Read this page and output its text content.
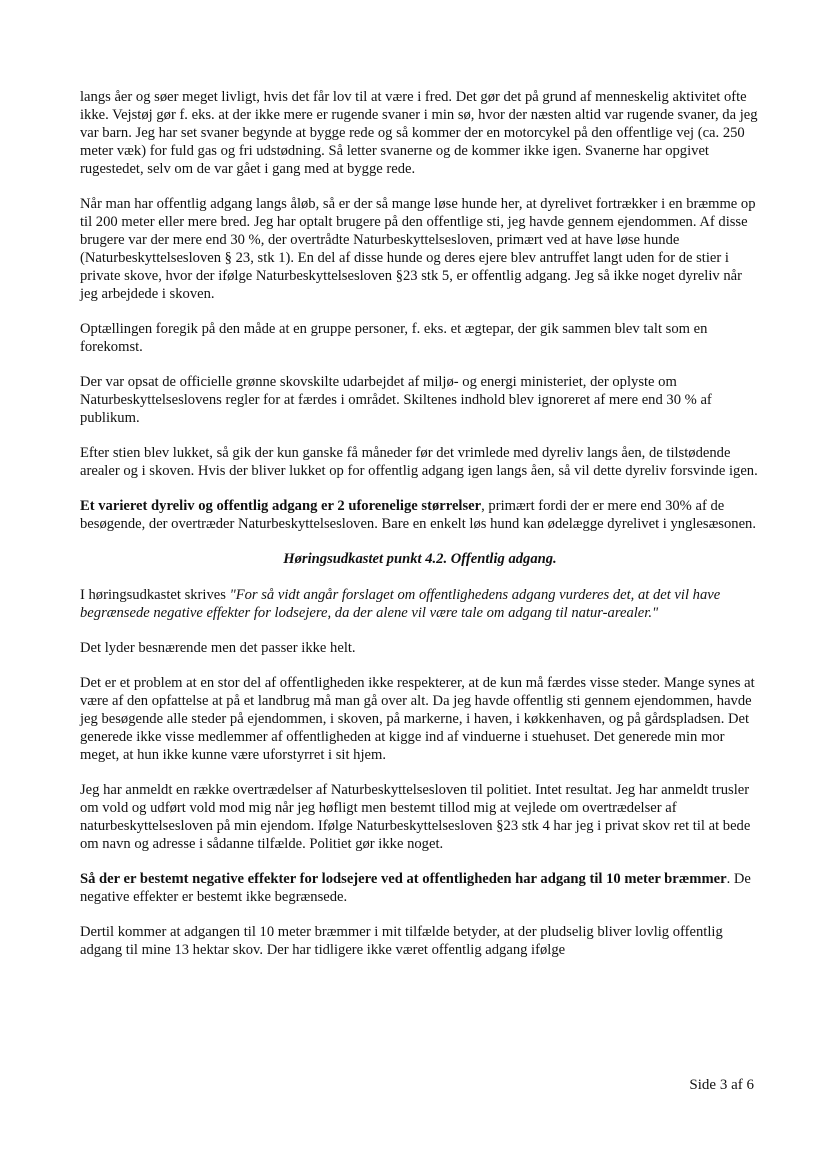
langs åer og søer meget livligt, hvis det får lov til at være i fred. Det gør det på grund af menneskelig aktivitet ofte ikke. Vejstøj gør f. eks. at der ikke mere er rugende svaner i min sø, hvor der næsten altid var rugende svaner, da jeg var barn. Jeg har set svaner begynde at bygge rede og så kommer der en motorcykel på den offentlige vej (ca. 250 meter væk) for fuld gas og fri udstødning. Så letter svanerne og de kommer ikke igen. Svanerne har opgivet rugestedet, selv om de var gået i gang med at bygge rede.

Når man har offentlig adgang langs åløb, så er der så mange løse hunde her, at dyrelivet fortrækker i en bræmme op til 200 meter eller mere bred. Jeg har optalt brugere på den offentlige sti, jeg havde gennem ejendommen. Af disse brugere var der mere end 30 %, der overtrådte Naturbeskyttelsesloven, primært ved at have løse hunde (Naturbeskyttelsesloven § 23, stk 1). En del af disse hunde og deres ejere blev antruffet langt uden for de stier i private skove, hvor der ifølge Naturbeskyttelsesloven §23 stk 5, er offentlig adgang. Jeg så ikke noget dyreliv når jeg arbejdede i skoven.

Optællingen foregik på den måde at en gruppe personer, f. eks. et ægtepar, der gik sammen blev talt som en forekomst.

Der var opsat de officielle grønne skovskilte udarbejdet af miljø- og energi ministeriet, der oplyste om Naturbeskyttelseslovens regler for at færdes i området. Skiltenes indhold blev ignoreret af mere end 30 % af publikum.

Efter stien blev lukket, så gik der kun ganske få måneder før det vrimlede med dyreliv langs åen, de tilstødende arealer og i skoven. Hvis der bliver lukket op for offentlig adgang igen langs åen, så vil dette dyreliv forsvinde igen.

Et varieret dyreliv og offentlig adgang er 2 uforenelige størrelser, primært fordi der er mere end 30% af de besøgende, der overtræder Naturbeskyttelsesloven. Bare en enkelt løs hund kan ødelægge dyrelivet i ynglesæsonen.

Høringsudkastet punkt 4.2. Offentlig adgang.

I høringsudkastet skrives "For så vidt angår forslaget om offentlighedens adgang vurderes det, at det vil have begrænsede negative effekter for lodsejere, da der alene vil være tale om adgang til natur-arealer."

Det lyder besnærende men det passer ikke helt.

Det er et problem at en stor del af offentligheden ikke respekterer, at de kun må færdes visse steder. Mange synes at være af den opfattelse at på et landbrug må man gå over alt. Da jeg havde offentlig sti gennem ejendommen, havde jeg besøgende alle steder på ejendommen, i skoven, på markerne, i haven, i køkkenhaven, og på gårdspladsen. Det generede ikke visse medlemmer af offentligheden at kigge ind af vinduerne i stuehuset. Det generede min mor meget, at hun ikke kunne være uforstyrret i sit hjem.

Jeg har anmeldt en række overtrædelser af Naturbeskyttelsesloven til politiet. Intet resultat. Jeg har anmeldt trusler om vold og udført vold mod mig når jeg høfligt men bestemt tillod mig at vejlede om overtrædelser af naturbeskyttelsesloven på min ejendom. Ifølge Naturbeskyttelsesloven §23 stk 4 har jeg i privat skov ret til at bede om navn og adresse i sådanne tilfælde. Politiet gør ikke noget.

Så der er bestemt negative effekter for lodsejere ved at offentligheden har adgang til 10 meter bræmmer. De negative effekter er bestemt ikke begrænsede.

Dertil kommer at adgangen til 10 meter bræmmer i mit tilfælde betyder, at der pludselig bliver lovlig offentlig adgang til mine 13 hektar skov. Der har tidligere ikke været offentlig adgang ifølge

Side 3 af 6
